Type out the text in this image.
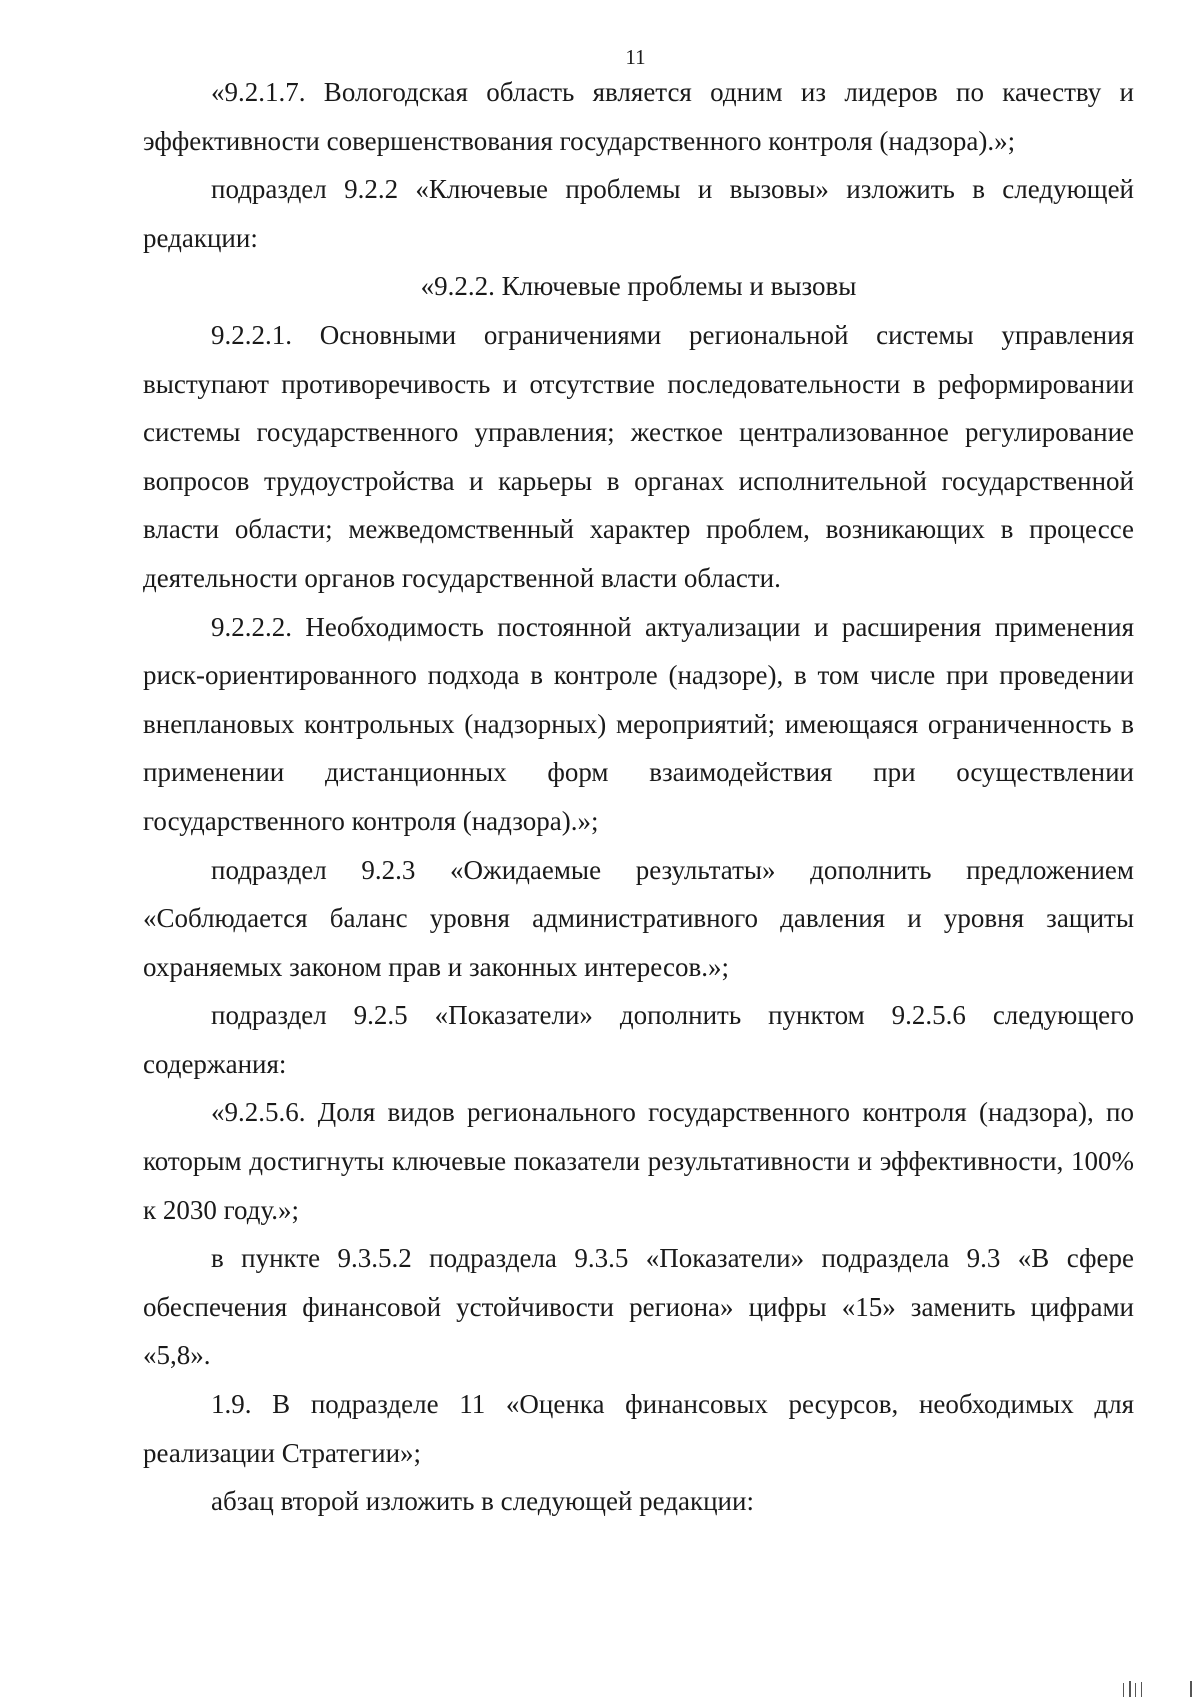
11

«9.2.1.7. Вологодская область является одним из лидеров по качеству и эффективности совершенствования государственного контроля (надзора).»;

подраздел 9.2.2 «Ключевые проблемы и вызовы» изложить в следующей редакции:

«9.2.2. Ключевые проблемы и вызовы

9.2.2.1. Основными ограничениями региональной системы управления выступают противоречивость и отсутствие последовательности в реформировании системы государственного управления; жесткое централизованное регулирование вопросов трудоустройства и карьеры в органах исполнительной государственной власти области; межведомственный характер проблем, возникающих в процессе деятельности органов государственной власти области.

9.2.2.2. Необходимость постоянной актуализации и расширения применения риск-ориентированного подхода в контроле (надзоре), в том числе при проведении внеплановых контрольных (надзорных) мероприятий; имеющаяся ограниченность в применении дистанционных форм взаимодействия при осуществлении государственного контроля (надзора).»;

подраздел 9.2.3 «Ожидаемые результаты» дополнить предложением «Соблюдается баланс уровня административного давления и уровня защиты охраняемых законом прав и законных интересов.»;

подраздел 9.2.5 «Показатели» дополнить пунктом 9.2.5.6 следующего содержания:

«9.2.5.6. Доля видов регионального государственного контроля (надзора), по которым достигнуты ключевые показатели результативности и эффективности, 100% к 2030 году.»;

в пункте 9.3.5.2 подраздела 9.3.5 «Показатели» подраздела 9.3 «В сфере обеспечения финансовой устойчивости региона» цифры «15» заменить цифрами «5,8».

1.9. В подразделе 11 «Оценка финансовых ресурсов, необходимых для реализации Стратегии»;

абзац второй изложить в следующей редакции:
